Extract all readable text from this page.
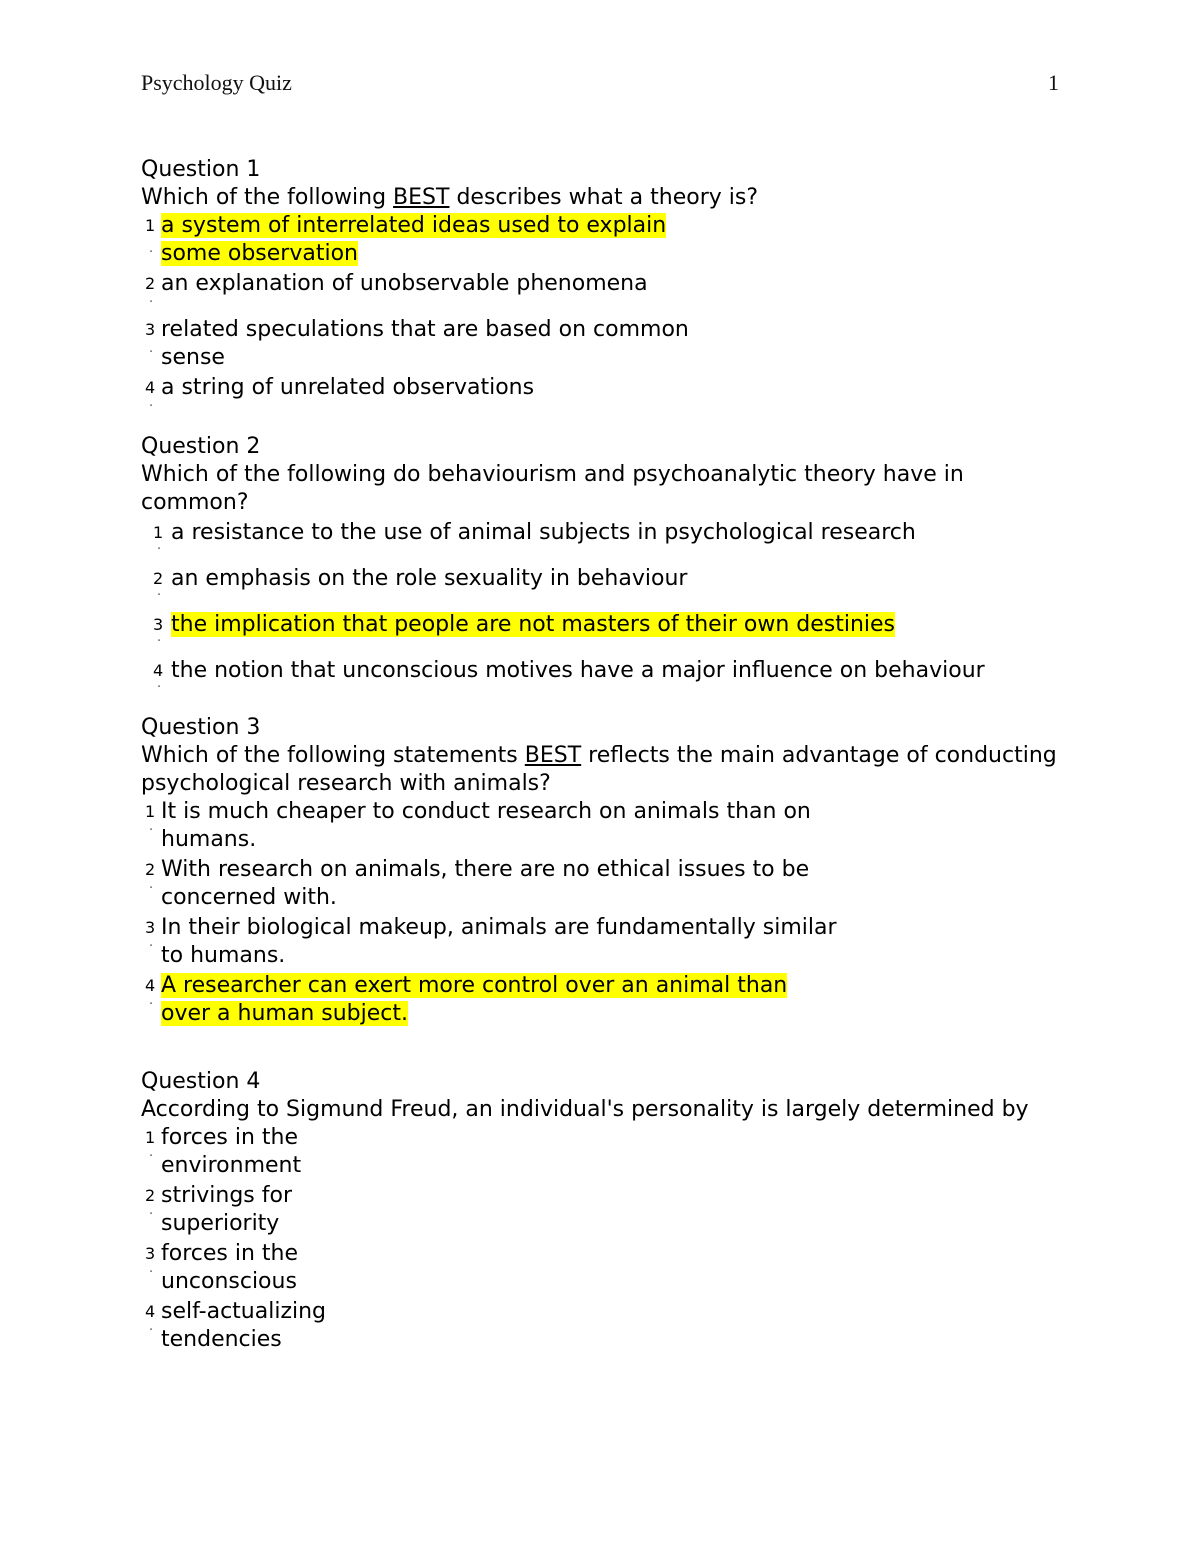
Psychology Quiz	1
Question 1
Which of the following BEST describes what a theory is?
1
·
a system of interrelated ideas used to explain
some observation
2
·
an explanation of unobservable phenomena
3
·
related speculations that are based on common
sense
4
·
a string of unrelated observations
Question 2
Which of the following do behaviourism and psychoanalytic theory have in common?
1
·
a resistance to the use of animal subjects in psychological research
2
·
an emphasis on the role sexuality in behaviour
3
·
the implication that people are not masters of their own destinies
4
·
the notion that unconscious motives have a major influence on behaviour
Question 3
Which of the following statements BEST reflects the main advantage of conducting psychological research with animals?
1
·
It is much cheaper to conduct research on animals than on
humans.
2
·
With research on animals, there are no ethical issues to be
concerned with.
3
·
In their biological makeup, animals are fundamentally similar
to humans.
4
·
A researcher can exert more control over an animal than
over a human subject.
Question 4
According to Sigmund Freud, an individual's personality is largely determined by
1
·
forces in the
environment
2
·
strivings for
superiority
3
·
forces in the
unconscious
4
·
self-actualizing
tendencies
